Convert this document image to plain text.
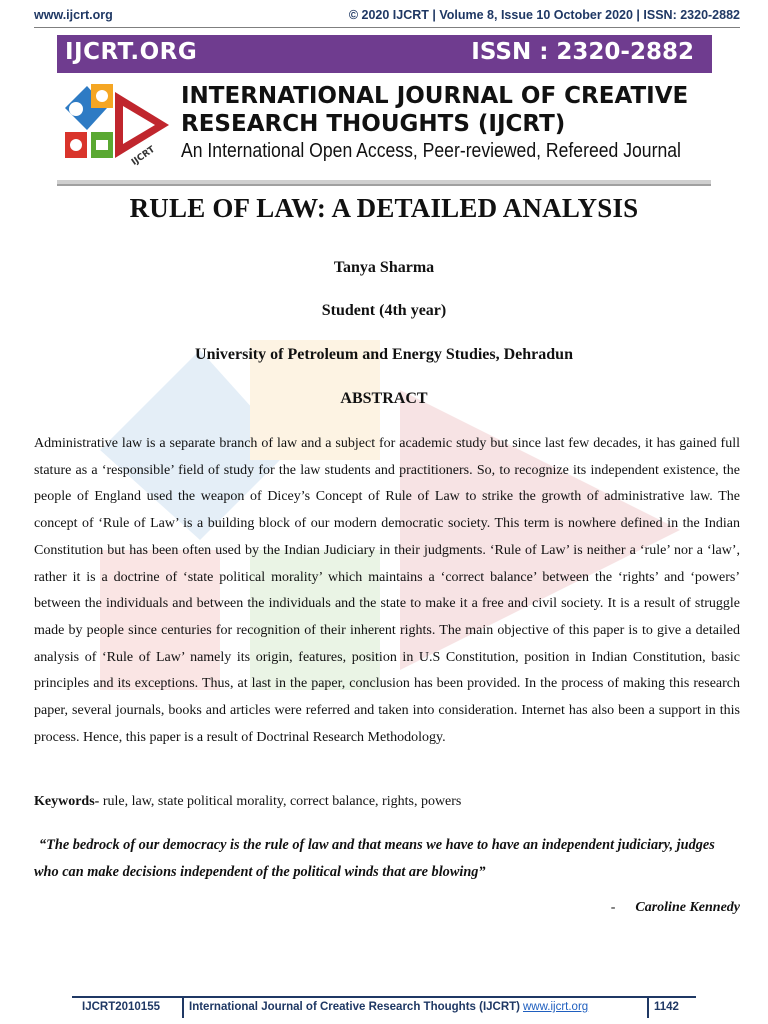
www.ijcrt.org	© 2020 IJCRT | Volume 8, Issue 10 October 2020 | ISSN: 2320-2882
IJCRT.ORG	ISSN : 2320-2882
IJCRT
INTERNATIONAL JOURNAL OF CREATIVE
RESEARCH THOUGHTS (IJCRT)
An International Open Access, Peer-reviewed, Refereed Journal
RULE OF LAW: A DETAILED ANALYSIS
Tanya Sharma
Student (4th year)
University of Petroleum and Energy Studies, Dehradun
ABSTRACT
Administrative law is a separate branch of law and a subject for academic study but since last few decades, it has gained full stature as a ‘responsible’ field of study for the law students and practitioners. So, to recognize its independent existence, the people of England used the weapon of Dicey’s Concept of Rule of Law to strike the growth of administrative law. The concept of ‘Rule of Law’ is a building block of our modern democratic society. This term is nowhere defined in the Indian Constitution but has been often used by the Indian Judiciary in their judgments. ‘Rule of Law’ is neither a ‘rule’ nor a ‘law’, rather it is a doctrine of ‘state political morality’ which maintains a ‘correct balance’ between the ‘rights’ and ‘powers’ between the individuals and between the individuals and the state to make it a free and civil society. It is a result of struggle made by people since centuries for recognition of their inherent rights. The main objective of this paper is to give a detailed analysis of ‘Rule of Law’ namely its origin, features, position in U.S Constitution, position in Indian Constitution, basic principles and its exceptions. Thus, at last in the paper, conclusion has been provided. In the process of making this research paper, several journals, books and articles were referred and taken into consideration. Internet has also been a support in this process. Hence, this paper is a result of Doctrinal Research Methodology.
Keywords- rule, law, state political morality, correct balance, rights, powers
“The bedrock of our democracy is the rule of law and that means we have to have an independent judiciary, judges who can make decisions independent of the political winds that are blowing”
- Caroline Kennedy
IJCRT2010155	International Journal of Creative Research Thoughts (IJCRT) www.ijcrt.org	1142
